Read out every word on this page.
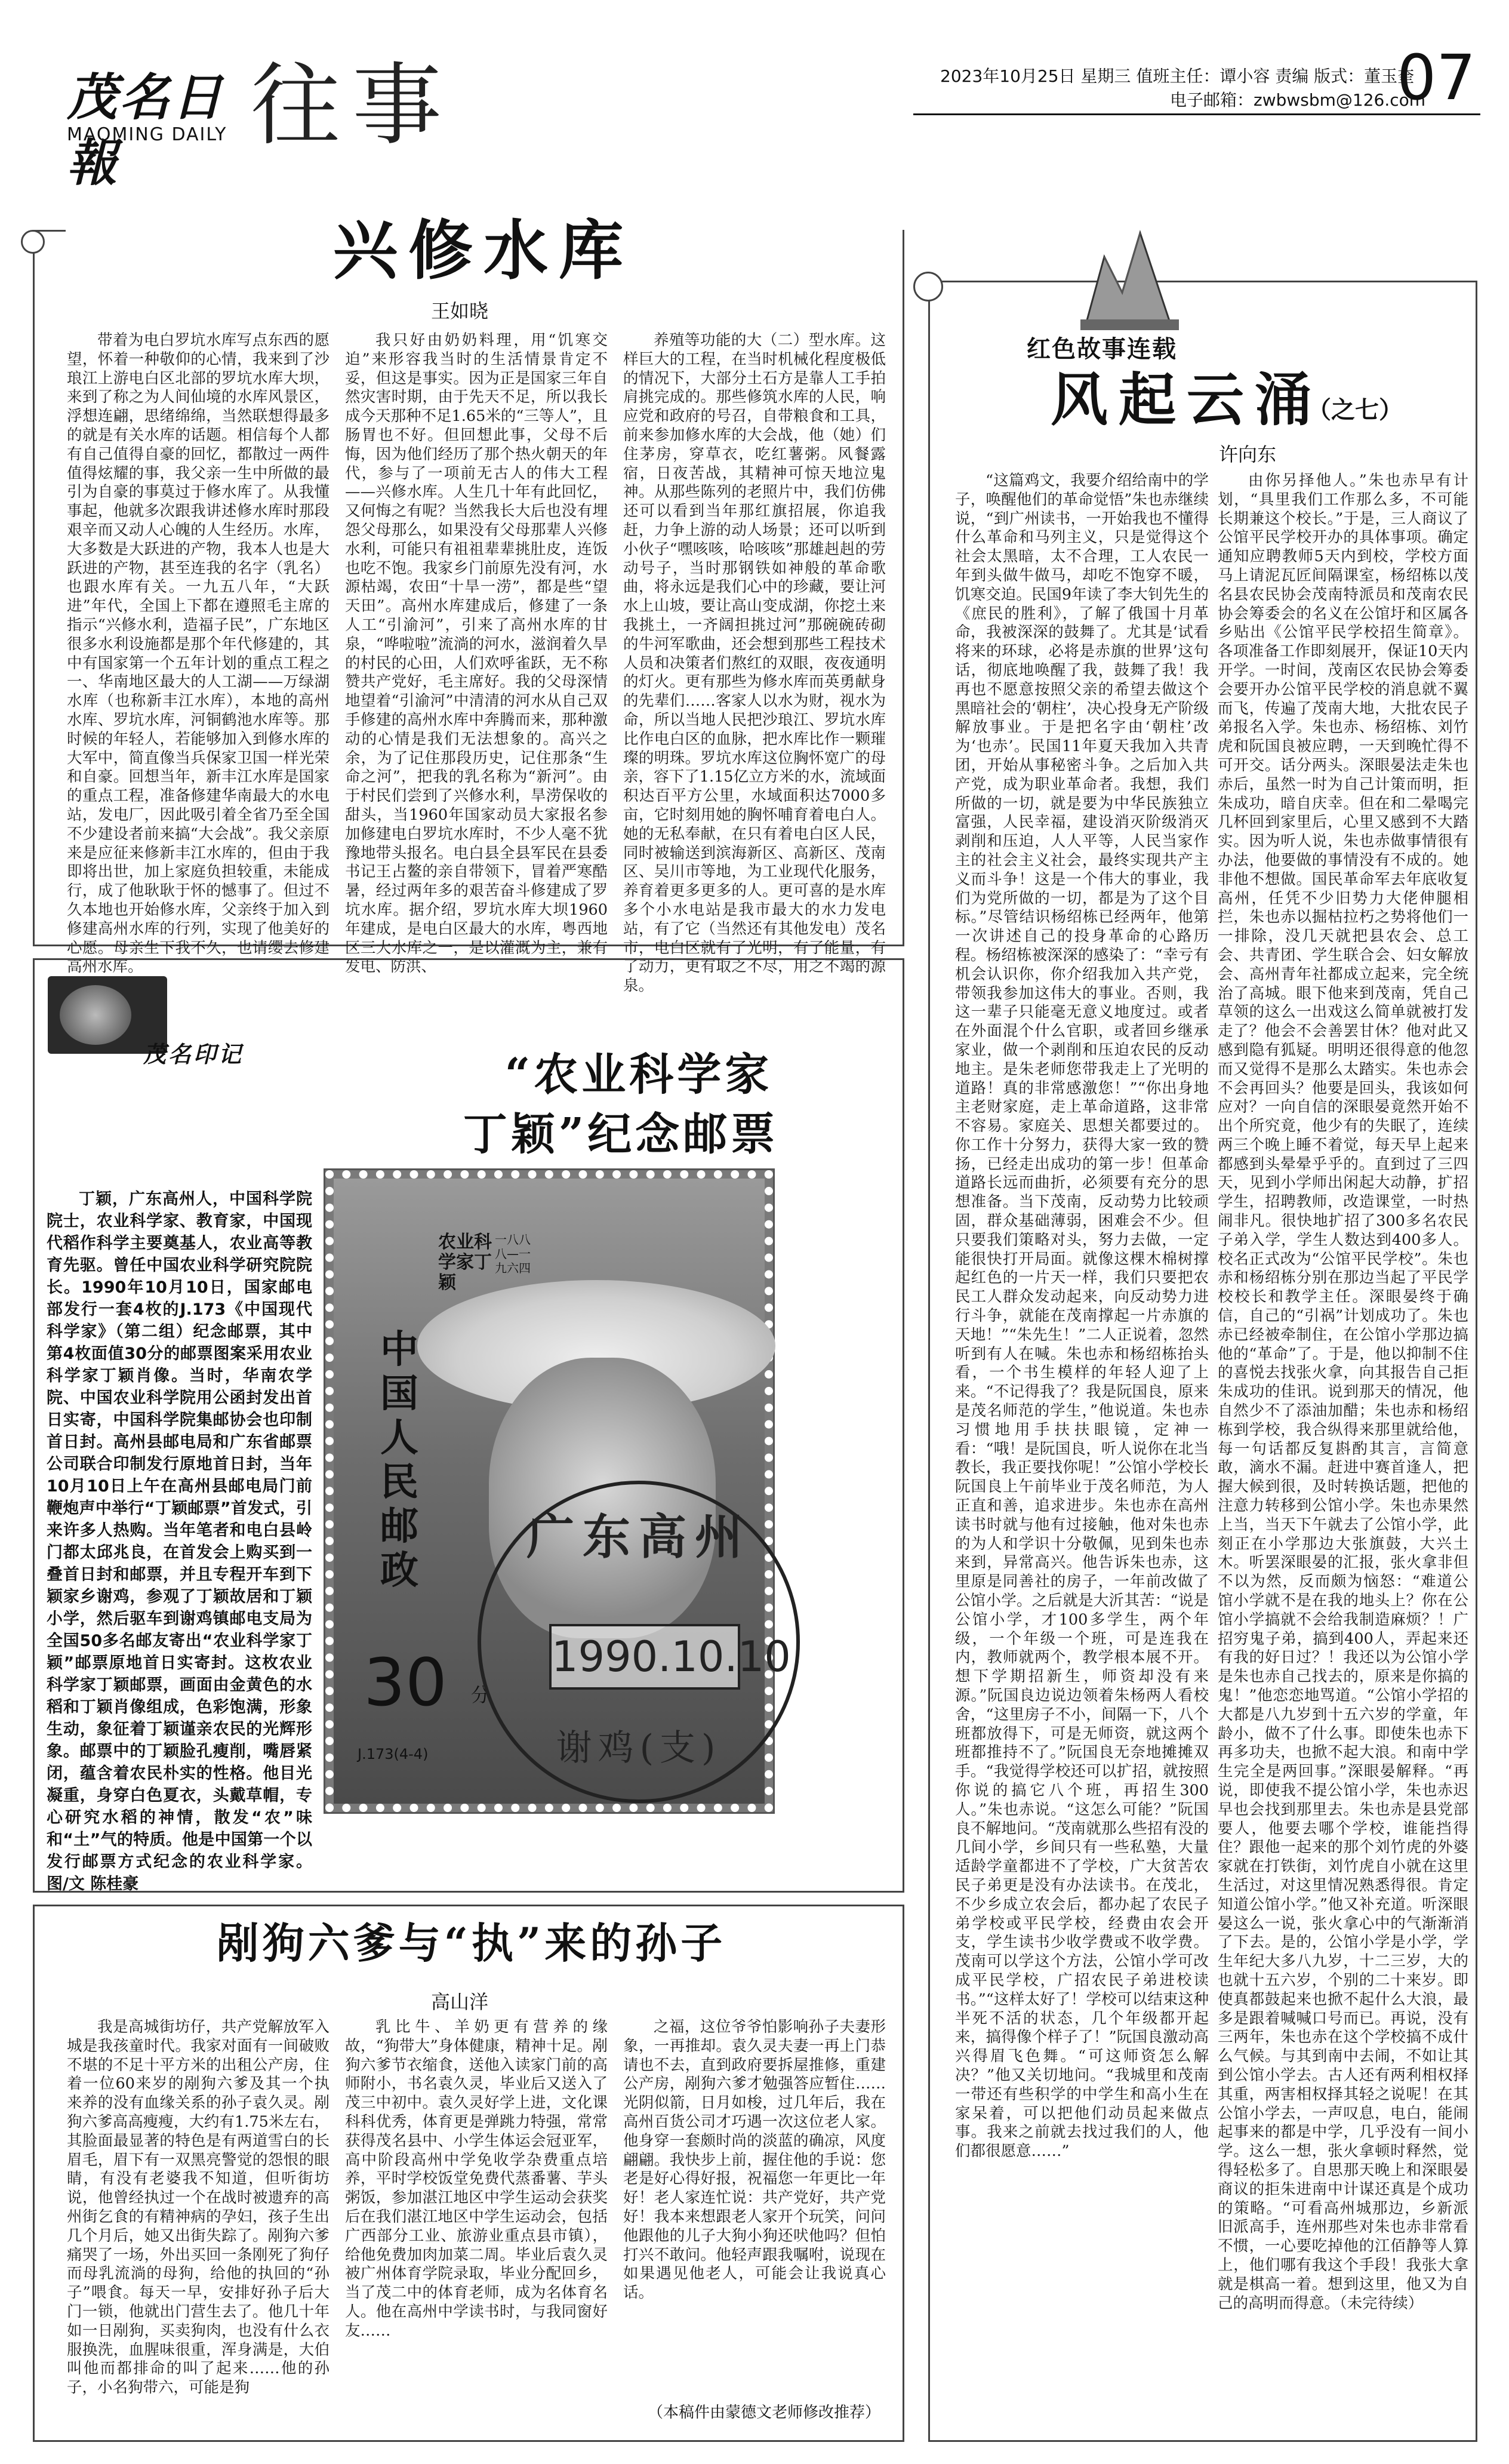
茂名日報
MAOMING DAILY 往事	2023年10月25日 星期三 值班主任：谭小容 责编 版式：董玉奎
电子邮箱：zwbwsbm@126.com
07
兴修水库
王如晓
带着为电白罗坑水库写点东西的愿望，怀着一种敬仰的心情，我来到了沙琅江上游电白区北部的罗坑水库大坝，来到了称之为人间仙境的水库风景区，浮想连翩，思绪绵绵，当然联想得最多的就是有关水库的话题。相信每个人都有自己值得自豪的回忆，都散过一两件值得炫耀的事，我父亲一生中所做的最引为自豪的事莫过于修水库了。从我懂事起，他就多次跟我讲述修水库时那段艰辛而又动人心魄的人生经历。水库，大多数是大跃进的产物，我本人也是大跃进的产物，甚至连我的名字（乳名）也跟水库有关。一九五八年，“大跃进”年代，全国上下都在遵照毛主席的指示“兴修水利，造福子民”，广东地区很多水利设施都是那个年代修建的，其中有国家第一个五年计划的重点工程之一、华南地区最大的人工湖——万绿湖水库（也称新丰江水库），本地的高州水库、罗坑水库，河铜鹤池水库等。那时候的年轻人，若能够加入到修水库的大军中，简直像当兵保家卫国一样光荣和自豪。回想当年，新丰江水库是国家的重点工程，准备修建华南最大的水电站，发电厂，因此吸引着全省乃至全国不少建设者前来搞“大会战”。我父亲原来是应征来修新丰江水库的，但由于我即将出世，加上家庭负担较重，未能成行，成了他耿耿于怀的憾事了。但过不久本地也开始修水库，父亲终于加入到修建高州水库的行列，实现了他美好的心愿。母亲生下我不久，也请缨去修建高州水库。
我只好由奶奶料理，用“饥寒交迫”来形容我当时的生活情景肯定不妥，但这是事实。因为正是国家三年自然灾害时期，由于先天不足，所以我长成今天那种不足1.65米的“三等人”，且肠胃也不好。但回想此事，父母不后悔，因为他们经历了那个热火朝天的年代，参与了一项前无古人的伟大工程——兴修水库。人生几十年有此回忆，又何悔之有呢？当然我长大后也没有埋怨父母那么，如果没有父母那辈人兴修水利，可能只有祖祖辈辈挑肚皮，连饭也吃不饱。我家乡门前原先没有河，水源枯竭，农田“十旱一涝”，都是些“望天田”。高州水库建成后，修建了一条人工“引渝河”，引来了高州水库的甘泉，“哗啦啦”流淌的河水，滋润着久旱的村民的心田，人们欢呼雀跃，无不称赞共产党好，毛主席好。我的父母深情地望着“引渝河”中清清的河水从自己双手修建的高州水库中奔腾而来，那种激动的心情是我们无法想象的。高兴之余，为了记住那段历史，记住那条“生命之河”，把我的乳名称为“新河”。由于村民们尝到了兴修水利，旱涝保收的甜头，当1960年国家动员大家报名参加修建电白罗坑水库时，不少人毫不犹豫地带头报名。电白县全县军民在县委书记王占鳌的亲自带领下，冒着严寒酷暑，经过两年多的艰苦奋斗修建成了罗坑水库。据介绍，罗坑水库大坝1960年建成，是电白区最大的水库，粤西地区三大水库之一，是以灌溉为主，兼有发电、防洪、
养殖等功能的大（二）型水库。这样巨大的工程，在当时机械化程度极低的情况下，大部分土石方是靠人工手拍肩挑完成的。那些修筑水库的人民，响应党和政府的号召，自带粮食和工具，前来参加修水库的大会战，他（她）们住茅房，穿草衣，吃红薯粥。风餐露宿，日夜苦战，其精神可惊天地泣鬼神。从那些陈列的老照片中，我们仿佛还可以看到当年那红旗招展，你追我赶，力争上游的动人场景；还可以听到小伙子“嘿咳咳，哈咳咳”那雄赳赳的劳动号子，当时那钢铁如神般的革命歌曲，将永远是我们心中的珍藏，要让河水上山坡，要让高山变成湖，你挖土来我挑土，一齐阔担挑过河”那碗碗砖砌的牛河军歌曲，还会想到那些工程技术人员和决策者们熬红的双眼，夜夜通明的灯火。更有那些为修水库而英勇献身的先辈们……客家人以水为财，视水为命，所以当地人民把沙琅江、罗坑水库比作电白区的血脉，把水库比作一颗璀璨的明珠。罗坑水库这位胸怀宽广的母亲，容下了1.15亿立方米的水，流域面积达百平方公里，水域面积达7000多亩，它时刻用她的胸怀哺育着电白人。她的无私奉献，在只有着电白区人民，同时被输送到滨海新区、高新区、茂南区、吴川市等地，为工业现代化服务，养育着更多更多的人。更可喜的是水库多个小水电站是我市最大的水力发电站，有了它（当然还有其他发电）茂名市，电白区就有了光明，有了能量，有了动力，更有取之不尽，用之不竭的源泉。
茂名印记	“农业科学家
丁颖”纪念邮票
丁颖，广东高州人，中国科学院院士，农业科学家、教育家，中国现代稻作科学主要奠基人，农业高等教育先驱。曾任中国农业科学研究院院长。1990年10月10日，国家邮电部发行一套4枚的J.173《中国现代科学家》（第二组）纪念邮票，其中第4枚面值30分的邮票图案采用农业科学家丁颖肖像。当时，华南农学院、中国农业科学院用公函封发出首日实寄，中国科学院集邮协会也印制首日封。高州县邮电局和广东省邮票公司联合印制发行原地首日封，当年10月10日上午在高州县邮电局门前鞭炮声中举行“丁颖邮票”首发式，引来许多人热购。当年笔者和电白县岭门都太邱兆良，在首发会上购买到一叠首日封和邮票，并且专程开车到下颖家乡谢鸡，参观了丁颖故居和丁颖小学，然后驱车到谢鸡镇邮电支局为全国50多名邮友寄出“农业科学家丁颖”邮票原地首日实寄封。这枚农业科学家丁颖邮票，画面由金黄色的水稻和丁颖肖像组成，色彩饱满，形象生动，象征着丁颖谨亲农民的光辉形象。邮票中的丁颖脸孔瘦削，嘴唇紧闭，蕴含着农民朴实的性格。他目光凝重，身穿白色夏衣，头戴草帽，专心研究水稻的神情，散发“农”味和“土”气的特质。他是中国第一个以发行邮票方式纪念的农业科学家。 图/文 陈桂豪
农业科学家丁颖
一八八八—一九六四
中国人民邮政
30 分
J.173(4-4)
广东高州
1990.10.10
谢鸡(支)
剐狗六爹与“执”来的孙子
高山洋
我是高城街坊仔，共产党解放军入城是我孩童时代。我家对面有一间破败不堪的不足十平方米的出租公产房，住着一位60来岁的剐狗六爹及其一个执来养的没有血缘关系的孙子袁久灵。剐狗六爹高高瘦瘦，大约有1.75米左右，其脸面最显著的特色是有两道雪白的长眉毛，眉下有一双黑亮警觉的怨恨的眼睛，有没有老婆我不知道，但听街坊说，他曾经执过一个在战时被遗弃的高州街乞食的有精神病的孕妇，孩子生出几个月后，她又出街失踪了。剐狗六爹痛哭了一场，外出买回一条刚死了狗仔而母乳流淌的母狗，给他的执回的“孙子”喂食。每天一早，安排好孙子后大门一锁，他就出门营生去了。他几十年如一日剐狗，买卖狗肉，也没有什么衣服换洗，血腥味很重，浑身满是，大伯叫他而都排命的叫了起来……他的孙子，小名狗带六，可能是狗
乳比牛、羊奶更有营养的缘故，“狗带大”身体健康，精神十足。剐狗六爹节衣缩食，送他入读家门前的高师附小，书名袁久灵，毕业后又送入了茂三中初中。袁久灵好学上进，文化课科科优秀，体育更是弹跳力特强，常常获得茂名县中、小学生体运会冠亚军，高中阶段高州中学免收学杂费重点培养，平时学校饭堂免费代蒸番薯、芋头粥饭，参加湛江地区中学生运动会获奖后在我们湛江地区中学生运动会，包括广西部分工业、旅游业重点县市镇），给他免费加肉加菜二周。毕业后袁久灵被广州体育学院录取，毕业分配回乡，当了茂二中的体育老师，成为名体育名人。他在高州中学读书时，与我同窗好友……
之福，这位爷爷怕影响孙子夫妻形象，一再推却。袁久灵夫妻一再上门恭请也不去，直到政府要拆屋推修，重建公产房，剐狗六爹才勉强答应暂住……光阴似箭，日月如梭，过几年后，我在高州百货公司才巧遇一次这位老人家。他身穿一套颇时尚的淡蓝的确凉，风度翩翩。我快步上前，握住他的手说：您老是好心得好报，祝福您一年更比一年好！老人家连忙说：共产党好，共产党好！我本来想跟老人家开个玩笑，问问他跟他的儿子大狗小狗还吠他吗？但怕打兴不敢问。他轻声跟我嘱咐，说现在如果遇见他老人，可能会让我说真心话。
（本稿件由蒙德文老师修改推荐）
红色故事连载
风起云涌
（之七）
许向东
“这篇鸡文，我要介绍给南中的学子，唤醒他们的革命觉悟”朱也赤继续说，“到广州读书，一开始我也不懂得什么革命和马列主义，只是觉得这个社会太黑暗，太不合理，工人农民一年到头做牛做马，却吃不饱穿不暖，饥寒交迫。民国9年读了李大钊先生的《庶民的胜利》，了解了俄国十月革命，我被深深的鼓舞了。尤其是‘试看将来的环球，必将是赤旗的世界’这句话，彻底地唤醒了我，鼓舞了我！我再也不愿意按照父亲的希望去做这个黑暗社会的‘朝柱’，决心投身无产阶级解放事业。于是把名字由‘朝柱’改为‘也赤’。民国11年夏天我加入共青团，开始从事秘密斗争。之后加入共产党，成为职业革命者。我想，我们所做的一切，就是要为中华民族独立富强，人民幸福，建设消灭阶级消灭剥削和压迫，人人平等，人民当家作主的社会主义社会，最终实现共产主义而斗争！这是一个伟大的事业，我们为党所做的一切，都是为了这个目标。”尽管结识杨绍栋已经两年，他第一次讲述自己的投身革命的心路历程。杨绍栋被深深的感染了：“幸亏有机会认识你，你介绍我加入共产党，带领我参加这伟大的事业。否则，我这一辈子只能毫无意义地度过。或者在外面混个什么官职，或者回乡继承家业，做一个剥削和压迫农民的反动地主。是朱老师您带我走上了光明的道路！真的非常感激您！”“你出身地主老财家庭，走上革命道路，这非常不容易。家庭关、思想关都要过的。你工作十分努力，获得大家一致的赞扬，已经走出成功的第一步！但革命道路长远而曲折，必须要有充分的思想准备。当下茂南，反动势力比较顽固，群众基础薄弱，困难会不少。但只要我们策略对头，努力去做，一定能很快打开局面。就像这棵木棉树撑起红色的一片天一样，我们只要把农民工人群众发动起来，向反动势力进行斗争，就能在茂南撑起一片赤旗的天地！”“朱先生！”二人正说着，忽然听到有人在喊。朱也赤和杨绍栋抬头看，一个书生模样的年轻人迎了上来。“不记得我了？我是阮国良，原来是茂名师范的学生，”他说道。朱也赤习惯地用手扶扶眼镜，定神一看：“哦！是阮国良，听人说你在北当教长，我正要找你呢！”公馆小学校长阮国良上午前毕业于茂名师范，为人正直和善，追求进步。朱也赤在高州读书时就与他有过接触，他对朱也赤的为人和学识十分敬佩，见到朱也赤来到，异常高兴。他告诉朱也赤，这里原是同善社的房子，一年前改做了公馆小学。之后就是大沂其苦：“说是公馆小学，才100多学生，两个年级，一个年级一个班，可是连我在内，教师就两个，教学根本展不开。想下学期招新生，师资却没有来源。”阮国良边说边领着朱杨两人看校舍，“这里房子不小，间隔一下，八个班都放得下，可是无师资，就这两个班都推持不了。”阮国良无奈地摊摊双手。“我觉得学校还可以扩招，就按照你说的搞它八个班，再招生300人。”朱也赤说。“这怎么可能？”阮国良不解地问。“茂南就那么些招有没的几间小学，乡间只有一些私塾，大量适龄学童都进不了学校，广大贫苦农民子弟更是没有办法读书。在茂北，不少乡成立农会后，都办起了农民子弟学校或平民学校，经费由农会开支，学生读书少收学费或不收学费。茂南可以学这个方法，公馆小学可改成平民学校，广招农民子弟进校读书。”“这样太好了！学校可以结束这种半死不活的状态，几个年级都开起来，搞得像个样子了！”阮国良激动高兴得眉飞色舞。“可这师资怎么解决？”他又关切地问。“我城里和茂南一带还有些积学的中学生和高小生在家呆着，可以把他们动员起来做点事。我来之前就去找过我们的人，他们都很愿意……”
由你另择他人。”朱也赤早有计划，“具里我们工作那么多，不可能长期兼这个校长。”于是，三人商议了公馆平民学校开办的具体事项。确定通知应聘教师5天内到校，学校方面马上请泥瓦匠间隔课室，杨绍栋以茂名县农民协会茂南特派员和茂南农民协会筹委会的名义在公馆圩和区属各乡贴出《公馆平民学校招生简章》。各项准备工作即刻展开，保证10天内开学。一时间，茂南区农民协会筹委会要开办公馆平民学校的消息就不翼而飞，传遍了茂南大地，大批农民子弟报名入学。朱也赤、杨绍栋、刘竹虎和阮国良被应聘，一天到晚忙得不可开交。话分两头。深眼晏法走朱也赤后，虽然一时为自己计策而明，拒朱成功，暗自庆幸。但在和二晕喝完几杯回到家里后，心里又感到不大踏实。因为听人说，朱也赤做事情很有办法，他要做的事情没有不成的。她非他不想做。国民革命军去年底收复高州，任凭不少旧势力大佬伸腿相拦，朱也赤以掘枯拉朽之势将他们一一排除，没几天就把县农会、总工会、共青团、学生联合会、妇女解放会、高州青年社都成立起来，完全统治了高城。眼下他来到茂南，凭自己草领的这么一出戏这么简单就被打发走了？他会不会善罢甘休？他对此又感到隐有狐疑。明明还很得意的他忽而又觉得不是那么太踏实。朱也赤会不会再回头？他要是回头，我该如何应对？一向自信的深眼晏竟然开始不出个所究竟，他少有的失眠了，连续两三个晚上睡不着觉，每天早上起来都感到头晕晕乎乎的。直到过了三四天，见到小学师出闲起大动静，扩招学生，招聘教师，改造课堂，一时热闹非凡。很快地扩招了300多名农民子弟入学，学生人数达到400多人。校名正式改为“公馆平民学校”。朱也赤和杨绍栋分别在那边当起了平民学校校长和教学主任。深眼晏终于确信，自己的“引祸”计划成功了。朱也赤已经被牵制住，在公馆小学那边搞他的“革命”了。于是，他以抑制不住的喜悦去找张火拿，向其报告自己拒朱成功的佳讯。说到那天的情况，他自然少不了添油加醋；朱也赤和杨绍栋到学校，我合纵得来那里就给他，每一句话都反复斟酌其言，言简意敢，滴水不漏。赶进中赛首逢人，把握大候到很，及时转换话题，把他的注意力转移到公馆小学。朱也赤果然上当，当天下午就去了公馆小学，此刻正在小学那边大张旗鼓，大兴土木。听罢深眼晏的汇报，张火拿非但不以为然，反而颇为恼怒：“难道公馆小学就不是在我的地头上？你在公馆小学搞就不会给我制造麻烦？！广招穷鬼子弟，搞到400人，弄起来还有我的好日过？！我还以为公馆小学是朱也赤自己找去的，原来是你搞的鬼！”他恋恋地骂道。“公馆小学招的大都是八九岁到十五六岁的学童，年龄小，做不了什么事。即使朱也赤下再多功夫，也掀不起大浪。和南中学生完全是两回事。”深眼晏解释。“再说，即使我不提公馆小学，朱也赤迟早也会找到那里去。朱也赤是县党部要人，他要去哪个学校，谁能挡得住？跟他一起来的那个刘竹虎的外婆家就在打铁街，刘竹虎自小就在这里生活过，对这里情况熟悉得很。肯定知道公馆小学。”他又补充道。听深眼晏这么一说，张火拿心中的气渐渐消了下去。是的，公馆小学是小学，学生年纪大多八九岁，十二三岁，大的也就十五六岁，个别的二十来岁。即使真都鼓起来也掀不起什么大浪，最多是跟着喊喊口号而已。再说，没有三两年，朱也赤在这个学校搞不成什么气候。与其到南中去闹，不如让其到公馆小学去。古人还有两利相权择其重，两害相权择其轻之说呢！在其公馆小学去，一声叹息，电白，能闹起事来的都是中学，几乎没有一间小学。这么一想，张火拿顿时释然，觉得轻松多了。自思那天晚上和深眼晏商议的拒朱进南中计谋还真是个成功的策略。“可看高州城那边，乡新派旧派高手，连州那些对朱也赤非常看不惯，一心要吃掉他的江佰静等人算上，他们哪有我这个手段！我张大拿就是棋高一着。想到这里，他又为自己的高明而得意。（未完待续）
